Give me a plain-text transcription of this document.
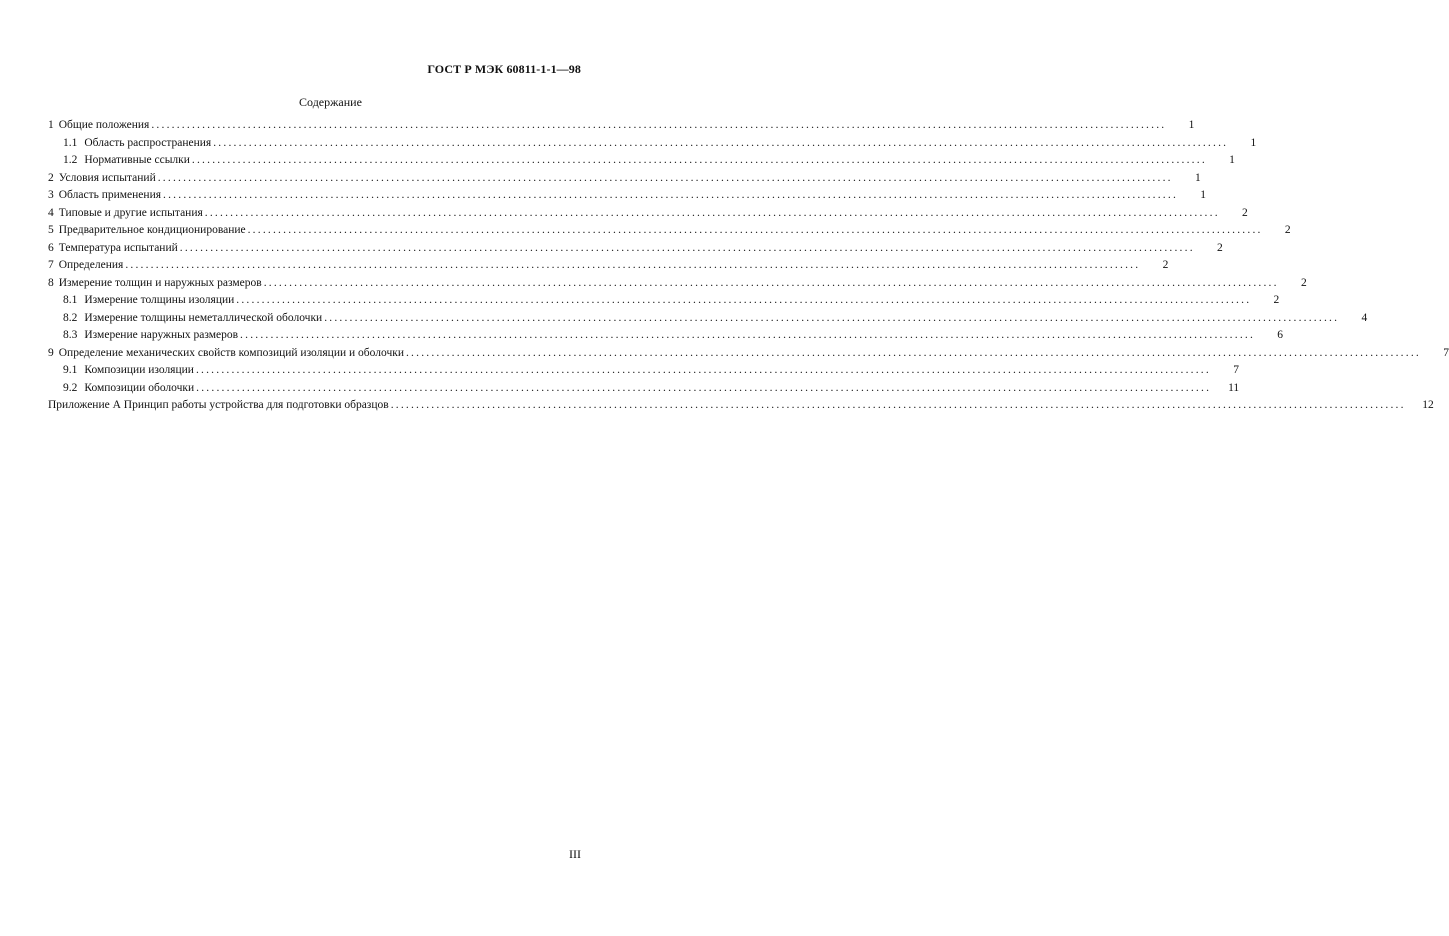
ГОСТ Р МЭК 60811-1-1—98
Содержание
1 Общие положения ........................................................................................................................................................................................................	1
1.1 Область распространения ........................................................................................................................................................................................................	1
1.2 Нормативные ссылки ........................................................................................................................................................................................................	1
2 Условия испытаний ........................................................................................................................................................................................................	1
3 Область применения ........................................................................................................................................................................................................	1
4 Типовые и другие испытания ........................................................................................................................................................................................................	2
5 Предварительное кондиционирование ........................................................................................................................................................................................................	2
6 Температура испытаний ........................................................................................................................................................................................................	2
7 Определения ........................................................................................................................................................................................................	2
8 Измерение толщин и наружных размеров ........................................................................................................................................................................................................	2
8.1 Измерение толщины изоляции ........................................................................................................................................................................................................	2
8.2 Измерение толщины неметаллической оболочки ........................................................................................................................................................................................................	4
8.3 Измерение наружных размеров ........................................................................................................................................................................................................	6
9 Определение механических свойств композиций изоляции и оболочки ........................................................................................................................................................................................................	7
9.1 Композиции изоляции ........................................................................................................................................................................................................	7
9.2 Композиции оболочки ........................................................................................................................................................................................................	11
Приложение А Принцип работы устройства для подготовки образцов ........................................................................................................................................................................................................	12
III
